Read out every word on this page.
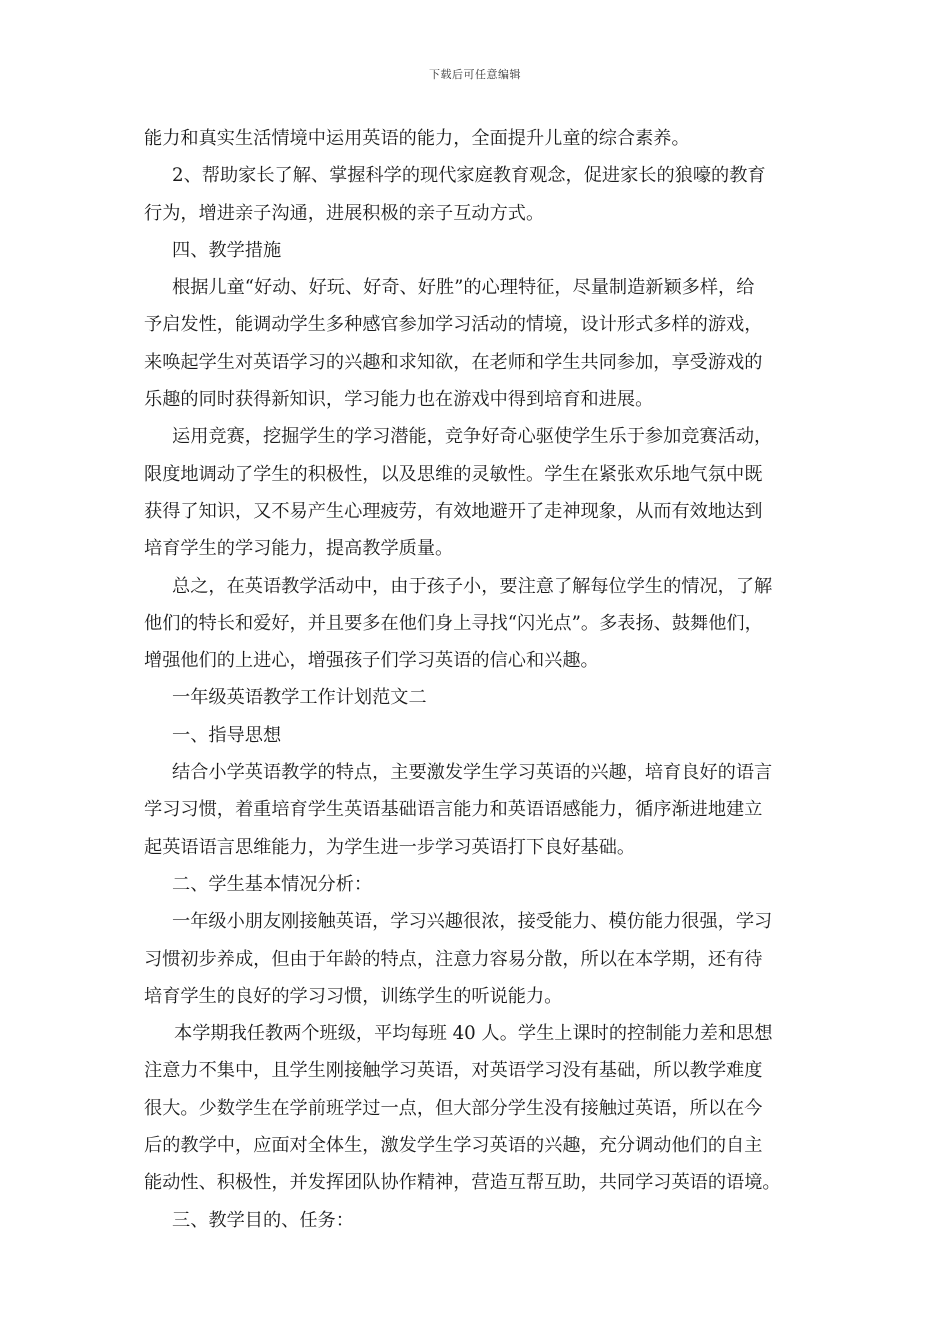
下载后可任意编辑
能力和真实生活情境中运用英语的能力，全面提升儿童的综合素养。
2、帮助家长了解、掌握科学的现代家庭教育观念，促进家长的狼嚎的教育
行为，增进亲子沟通，进展积极的亲子互动方式。
四、教学措施
根据儿童“好动、好玩、好奇、好胜”的心理特征，尽量制造新颖多样，给
予启发性，能调动学生多种感官参加学习活动的情境，设计形式多样的游戏，
来唤起学生对英语学习的兴趣和求知欲，在老师和学生共同参加，享受游戏的
乐趣的同时获得新知识，学习能力也在游戏中得到培育和进展。
运用竞赛，挖掘学生的学习潜能，竞争好奇心驱使学生乐于参加竞赛活动，
限度地调动了学生的积极性，以及思维的灵敏性。学生在紧张欢乐地气氛中既
获得了知识，又不易产生心理疲劳，有效地避开了走神现象，从而有效地达到
培育学生的学习能力，提高教学质量。
总之，在英语教学活动中，由于孩子小，要注意了解每位学生的情况，了解
他们的特长和爱好，并且要多在他们身上寻找“闪光点”。多表扬、鼓舞他们，
增强他们的上进心，增强孩子们学习英语的信心和兴趣。
一年级英语教学工作计划范文二
一、指导思想
结合小学英语教学的特点，主要激发学生学习英语的兴趣，培育良好的语言
学习习惯，着重培育学生英语基础语言能力和英语语感能力，循序渐进地建立
起英语语言思维能力，为学生进一步学习英语打下良好基础。
二、学生基本情况分析：
一年级小朋友刚接触英语，学习兴趣很浓，接受能力、模仿能力很强，学习
习惯初步养成，但由于年龄的特点，注意力容易分散，所以在本学期，还有待
培育学生的良好的学习习惯，训练学生的听说能力。
本学期我任教两个班级，平均每班 40 人。学生上课时的控制能力差和思想
注意力不集中，且学生刚接触学习英语，对英语学习没有基础，所以教学难度
很大。少数学生在学前班学过一点，但大部分学生没有接触过英语，所以在今
后的教学中，应面对全体生，激发学生学习英语的兴趣，充分调动他们的自主
能动性、积极性，并发挥团队协作精神，营造互帮互助，共同学习英语的语境。
三、教学目的、任务：
